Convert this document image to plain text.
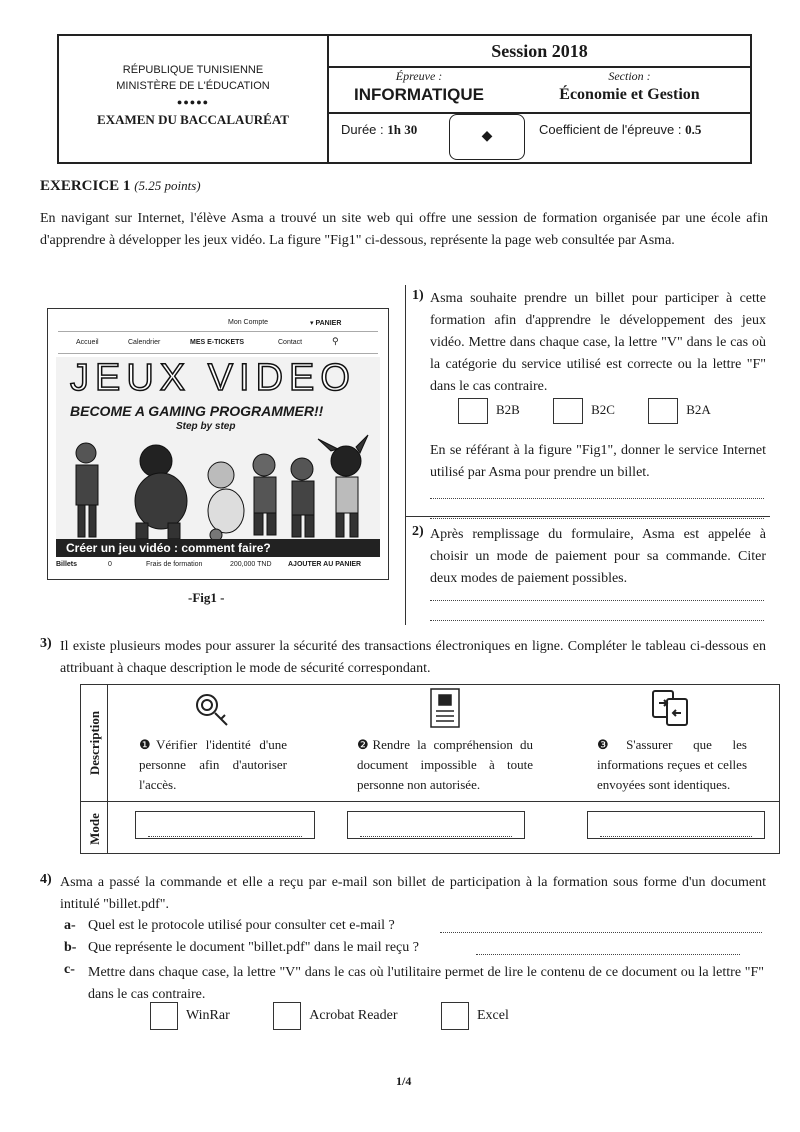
RÉPUBLIQUE TUNISIENNE
MINISTÈRE DE L'ÉDUCATION
●●●●●
EXAMEN DU BACCALAURÉAT
Session 2018
Épreuve :
INFORMATIQUE
Section :
Économie et Gestion
Durée : 1h 30	◆	Coefficient de l'épreuve : 0.5
EXERCICE 1 (5.25 points)
En navigant sur Internet, l'élève Asma a trouvé un site web qui offre une session de formation organisée par une école afin d'apprendre à développer les jeux vidéo. La figure "Fig1" ci-dessous, représente la page web consultée par Asma.
Mon Compte	▾ PANIER
Accueil	Calendrier	MES E-TICKETS	Contact	⚲
JEUX VIDEO
BECOME A GAMING PROGRAMMER!!
Step by step
Créer un jeu vidéo : comment faire?
Billets	0	Frais de formation	200,000 TND AJOUTER AU PANIER
-Fig1 -
1) Asma souhaite prendre un billet pour participer à cette formation afin d'apprendre le développement des jeux vidéo. Mettre dans chaque case, la lettre "V" dans le cas où la catégorie du service utilisé est correcte ou la lettre "F" dans le cas contraire.
B2B	B2C	B2A
En se référant à la figure "Fig1", donner le service Internet utilisé par Asma pour prendre un billet.
2) Après remplissage du formulaire, Asma est appelée à choisir un mode de paiement pour sa commande. Citer deux modes de paiement possibles.
3) Il existe plusieurs modes pour assurer la sécurité des transactions électroniques en ligne. Compléter le tableau ci-dessous en attribuant à chaque description le mode de sécurité correspondant.
Description
Mode
❶Vérifier l'identité d'une personne afin d'autoriser l'accès.
❷Rendre la compréhension du document impossible à toute personne non autorisée.
❸S'assurer que les informations reçues et celles envoyées sont identiques.
4) Asma a passé la commande et elle a reçu par e-mail son billet de participation à la formation sous forme d'un document intitulé "billet.pdf".
a- Quel est le protocole utilisé pour consulter cet e-mail ?
b- Que représente le document "billet.pdf" dans le mail reçu ?
c- Mettre dans chaque case, la lettre "V" dans le cas où l'utilitaire permet de lire le contenu de ce document ou la lettre "F" dans le cas contraire.
WinRar	Acrobat Reader	Excel
1/4
